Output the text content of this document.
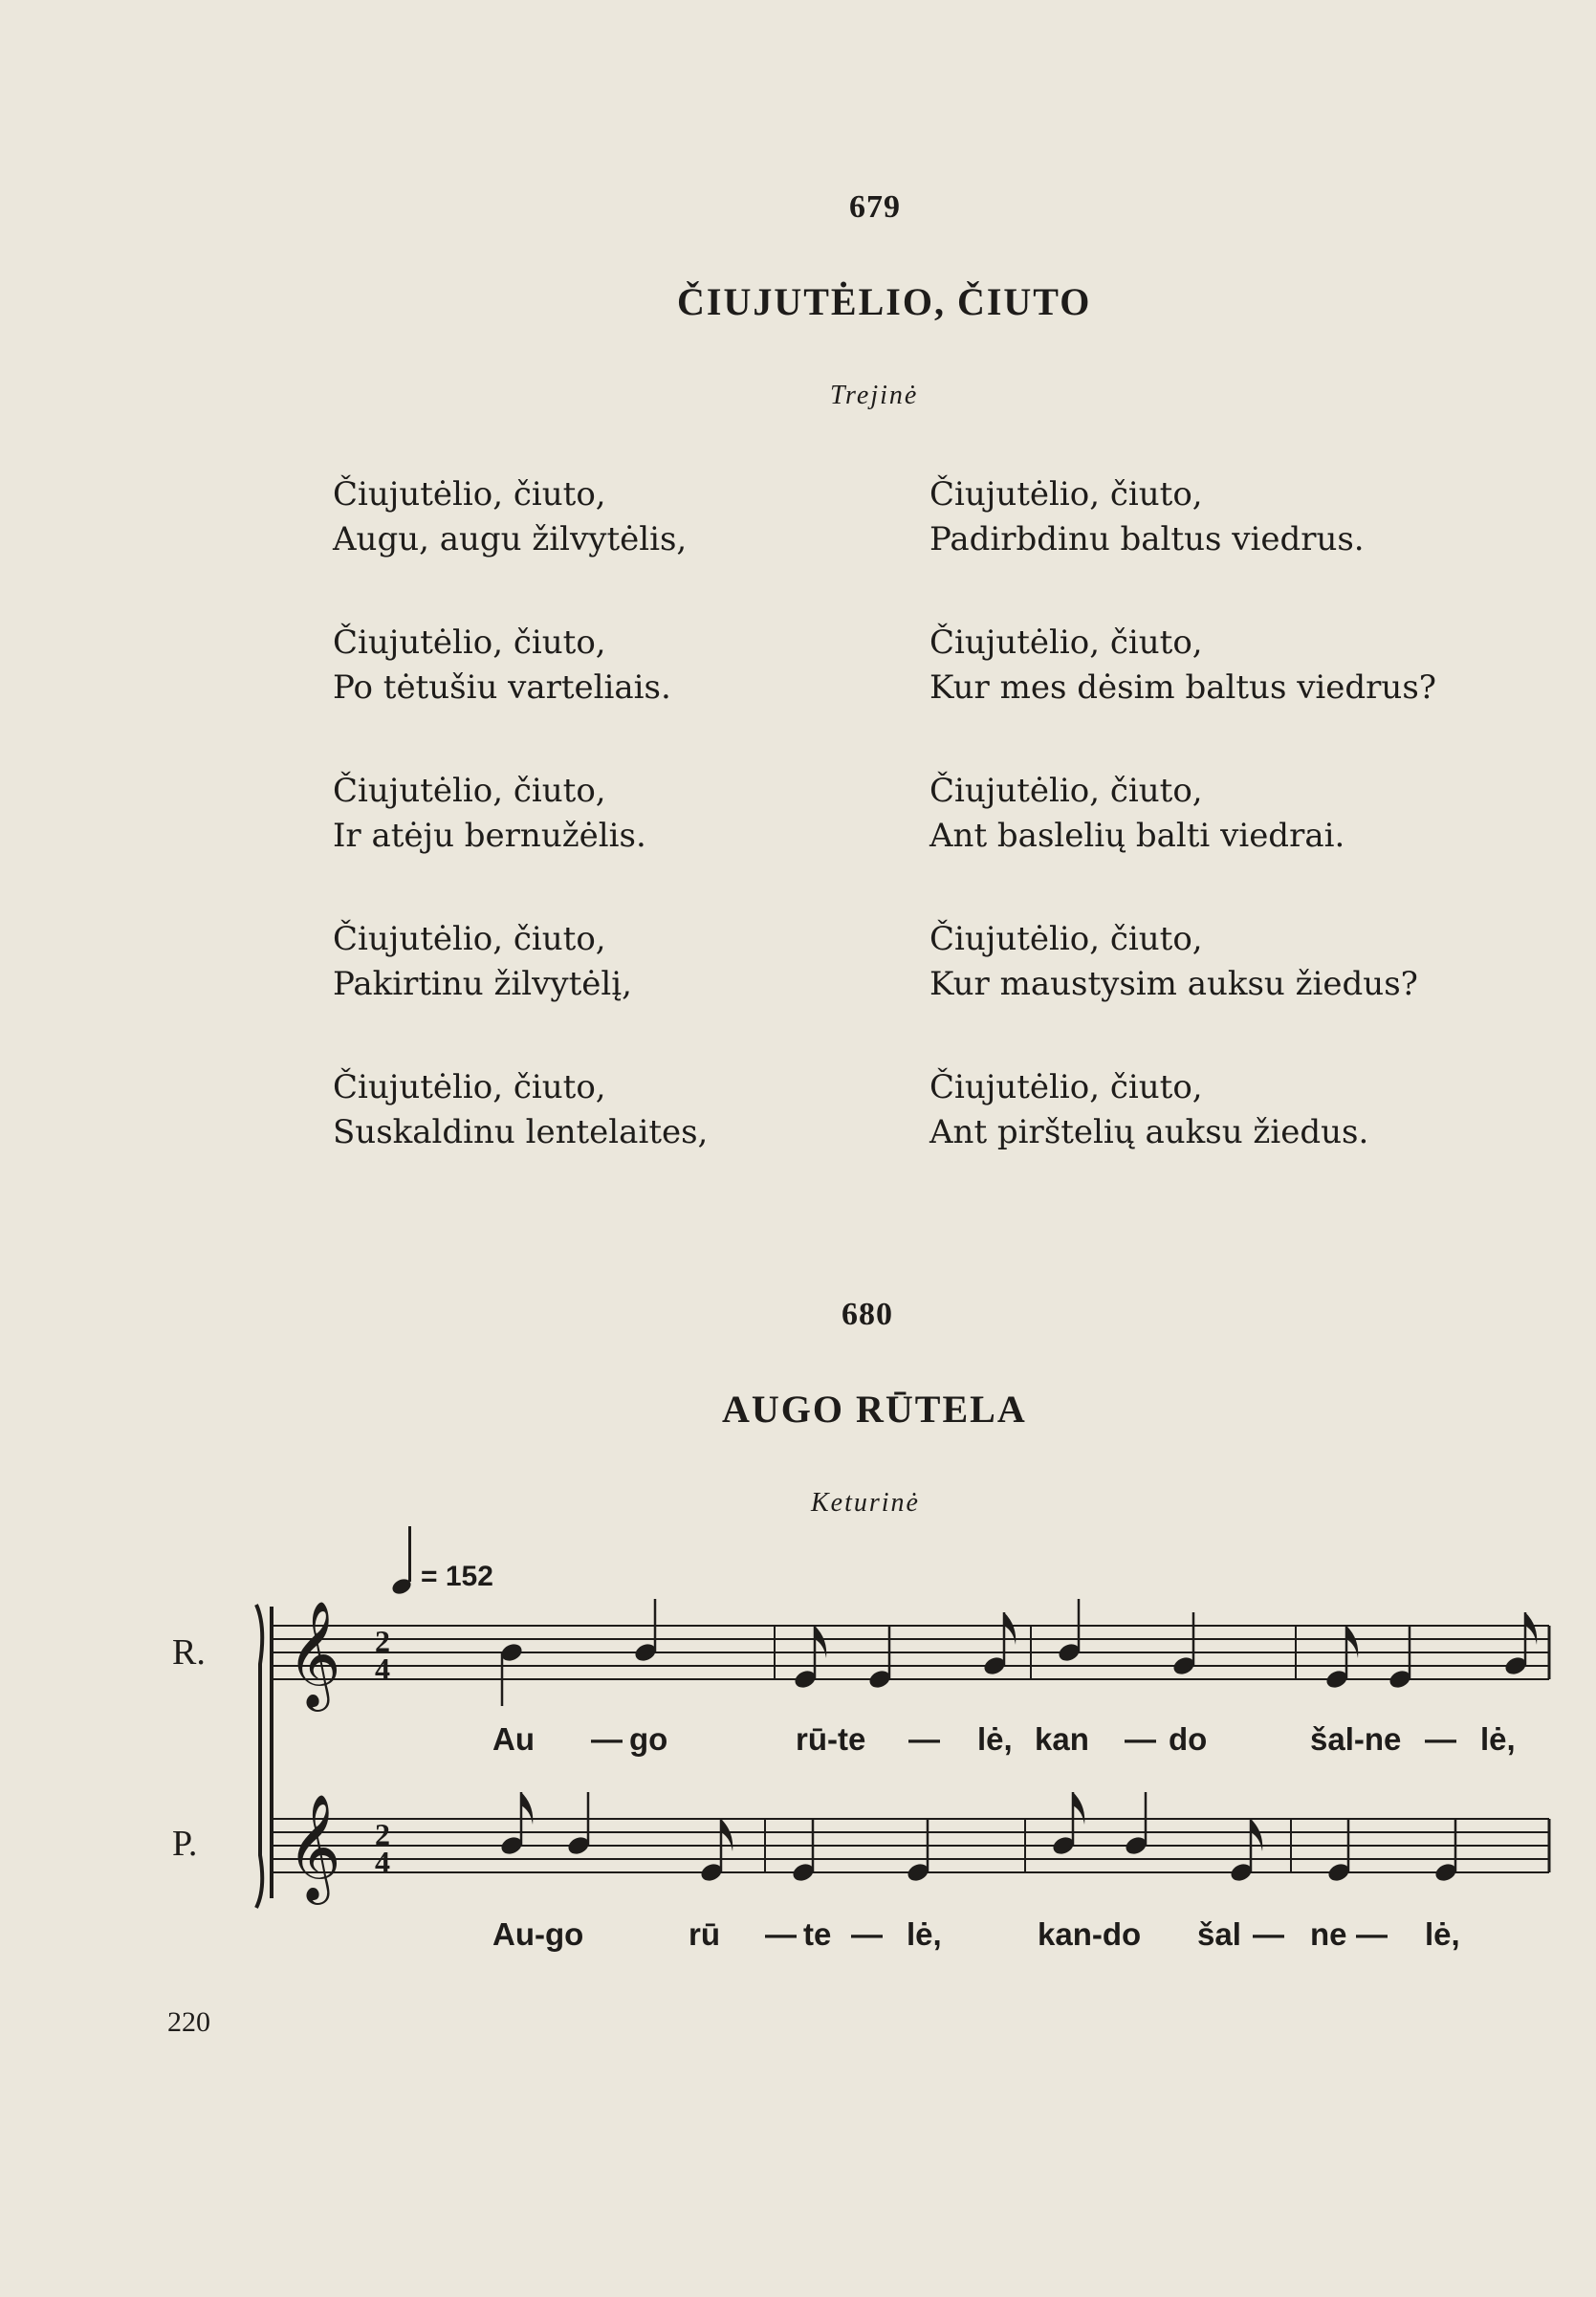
679
ČIUJUTĖLIO, ČIUTO
Trejinė
Čiujutėlio, čiuto,
Augu, augu žilvytėlis,
Čiujutėlio, čiuto,
Po tėtušiu varteliais.
Čiujutėlio, čiuto,
Ir atėju bernužėlis.
Čiujutėlio, čiuto,
Pakirtinu žilvytėlį,
Čiujutėlio, čiuto,
Suskaldinu lentelaites,
Čiujutėlio, čiuto,
Padirbdinu baltus viedrus.
Čiujutėlio, čiuto,
Kur mes dėsim baltus viedrus?
Čiujutėlio, čiuto,
Ant baslelių balti viedrai.
Čiujutėlio, čiuto,
Kur maustysim auksu žiedus?
Čiujutėlio, čiuto,
Ant pirštelių auksu žiedus.
680
AUGO RŪTELA
Keturinė
= 152
R.
P.
𝄞 2
4
𝄞 2
4
Au — go	rū-te — lė, kan — do	šal-ne — lė,
Au-go	rū — te — lė,	kan-do šal — ne — lė,
220
